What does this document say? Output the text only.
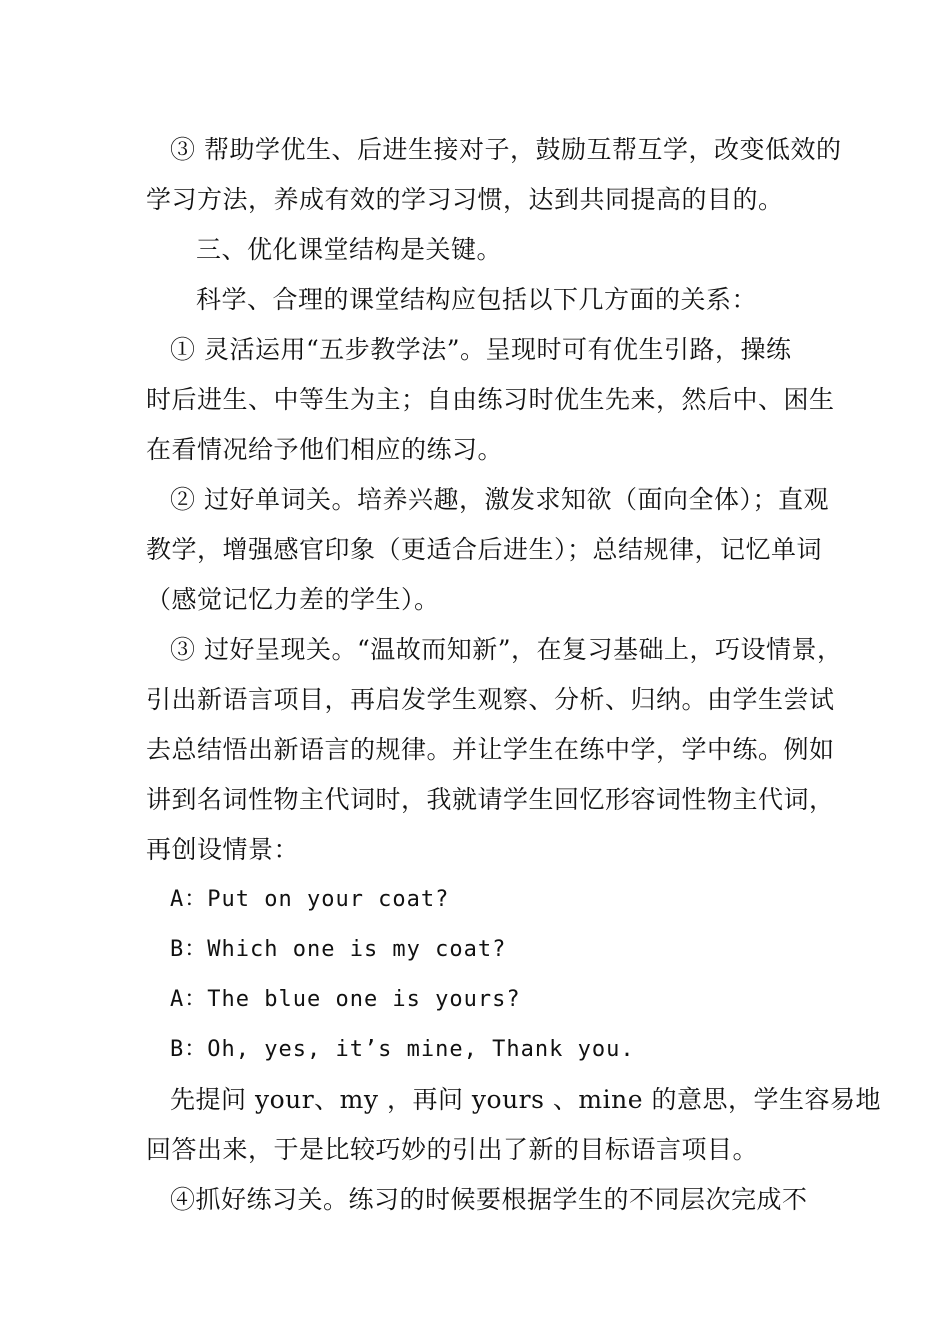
③ 帮助学优生、后进生接对子，鼓励互帮互学，改变低效的
学习方法，养成有效的学习习惯，达到共同提高的目的。
三、优化课堂结构是关键。
科学、合理的课堂结构应包括以下几方面的关系：
① 灵活运用“五步教学法”。呈现时可有优生引路，操练
时后进生、中等生为主；自由练习时优生先来，然后中、困生
在看情况给予他们相应的练习。
② 过好单词关。培养兴趣，激发求知欲（面向全体）；直观
教学，增强感官印象（更适合后进生）；总结规律，记忆单词
（感觉记忆力差的学生）。
③ 过好呈现关。“温故而知新”，在复习基础上，巧设情景，
引出新语言项目，再启发学生观察、分析、归纳。由学生尝试
去总结悟出新语言的规律。并让学生在练中学，学中练。例如
讲到名词性物主代词时，我就请学生回忆形容词性物主代词，
再创设情景：
A：Put on your coat?
B：Which one is my coat?
A：The blue one is yours?
B：Oh, yes, it’s mine, Thank you.
先提问 your、my ，再问 yours 、mine 的意思，学生容易地
回答出来，于是比较巧妙的引出了新的目标语言项目。
④抓好练习关。练习的时候要根据学生的不同层次完成不
